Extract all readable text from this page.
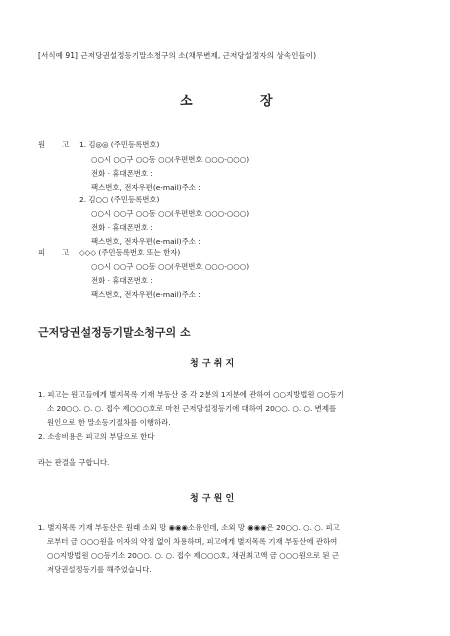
[서식예 91] 근저당권설정등기말소청구의 소(채무변제, 근저당설정자의 상속인들이)
소	장
원 고 1. 김◎◎ (주민등록번호)
○○시 ○○구 ○○동 ○○(우편번호 ○○○-○○○)
전화 · 휴대폰번호 :
팩스번호, 전자우편(e-mail)주소 :
2. 김○○ (주민등록번호)
○○시 ○○구 ○○동 ○○(우편번호 ○○○-○○○)
전화 · 휴대폰번호 :
팩스번호, 전자우편(e-mail)주소 :
피 고 ◇◇◇ (주민등록번호 또는 한자)
○○시 ○○구 ○○동 ○○(우편번호 ○○○-○○○)
전화 · 휴대폰번호 :
팩스번호, 전자우편(e-mail)주소 :
근저당권설정등기말소청구의 소
청 구 취 지
1. 피고는 원고들에게 별지목록 기재 부동산 중 각 2분의 1지분에 관하여 ○○지방법원 ○○등기
소 20○○. ○. ○. 접수 제○○○호로 마친 근저당설정등기에 대하여 20○○. ○. ○. 변제를
원인으로 한 말소등기절차를 이행하라.
2. 소송비용은 피고의 부담으로 한다
라는 판결을 구합니다.
청 구 원 인
1. 별지목록 기재 부동산은 원래 소외 망 ◉◉◉소유인데, 소외 망 ◉◉◉은 20○○. ○. ○. 피고
로부터 금 ○○○원을 이자의 약정 없이 차용하며, 피고에게 별지목록 기재 부동산에 관하여
○○지방법원 ○○등기소 20○○. ○. ○. 접수 제○○○호, 채권최고액 금 ○○○원으로 된 근
저당권설정등기를 해주었습니다.
